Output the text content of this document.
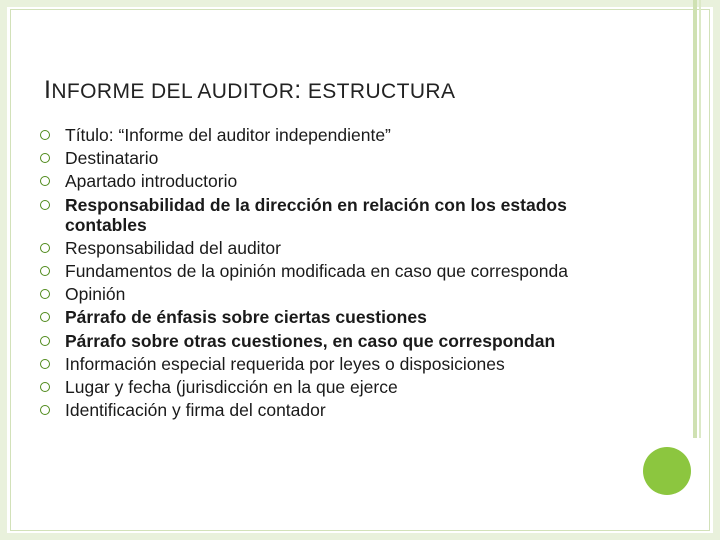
INFORME DEL AUDITOR: ESTRUCTURA
Título: “Informe del auditor independiente”
Destinatario
Apartado introductorio
Responsabilidad de la dirección en relación con los estados contables
Responsabilidad del auditor
Fundamentos de la opinión modificada en caso que corresponda
Opinión
Párrafo de énfasis sobre ciertas cuestiones
Párrafo sobre otras cuestiones, en caso que correspondan
Información especial requerida por leyes o disposiciones
Lugar y fecha (jurisdicción en la que ejerce
Identificación y firma del contador
